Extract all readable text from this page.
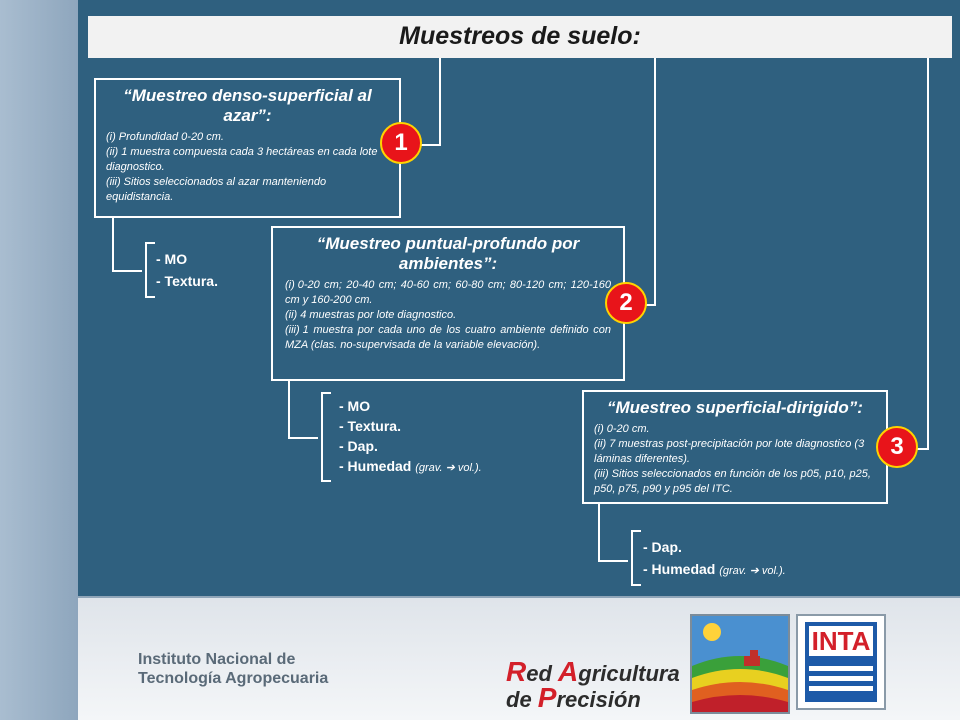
Muestreos de suelo:
“Muestreo denso-superficial al azar”:
(i) Profundidad 0-20 cm.
(ii) 1 muestra compuesta cada 3 hectáreas en cada lote diagnostico.
(iii) Sitios seleccionados al azar manteniendo equidistancia.
- MO
- Textura.
1
“Muestreo puntual-profundo por ambientes”:
(i) 0-20 cm; 20-40 cm; 40-60 cm; 60-80 cm; 80-120 cm; 120-160 cm y 160-200 cm.
(ii) 4 muestras por lote diagnostico.
(iii) 1 muestra por cada uno de los cuatro ambiente definido con MZA (clas. no-supervisada de la variable elevación).
- MO
- Textura.
- Dap.
- Humedad (grav. ➔ vol.).
2
“Muestreo superficial-dirigido”:
(i) 0-20 cm.
(ii) 7 muestras post-precipitación por lote diagnostico (3 láminas diferentes).
(iii) Sitios seleccionados en función de los p05, p10, p25, p50, p75, p90 y p95 del ITC.
- Dap.
- Humedad (grav. ➔ vol.).
3
Instituto Nacional de
Tecnología Agropecuaria	Red Agricultura
de Precisión
INTA
